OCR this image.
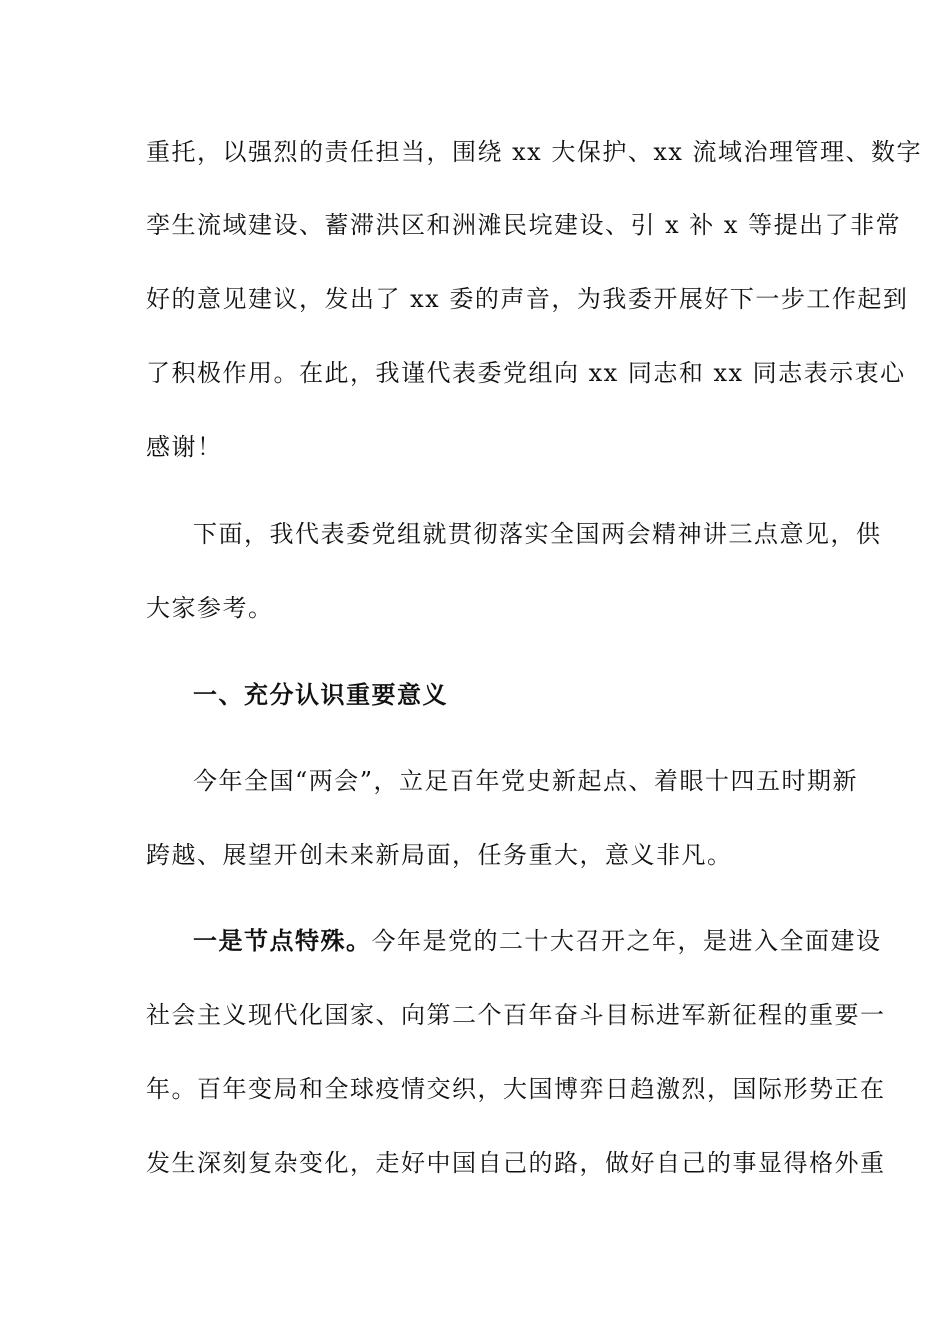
重托，以强烈的责任担当，围绕 xx 大保护、xx 流域治理管理、数字
孪生流域建设、蓄滞洪区和洲滩民垸建设、引 x 补 x 等提出了非常
好的意见建议，发出了 xx 委的声音，为我委开展好下一步工作起到
了积极作用。在此，我谨代表委党组向 xx 同志和 xx 同志表示衷心
感谢！
下面，我代表委党组就贯彻落实全国两会精神讲三点意见，供
大家参考。
一、充分认识重要意义
今年全国“两会”，立足百年党史新起点、着眼十四五时期新
跨越、展望开创未来新局面，任务重大，意义非凡。
一是节点特殊。今年是党的二十大召开之年，是进入全面建设
社会主义现代化国家、向第二个百年奋斗目标进军新征程的重要一
年。百年变局和全球疫情交织，大国博弈日趋激烈，国际形势正在
发生深刻复杂变化，走好中国自己的路，做好自己的事显得格外重
